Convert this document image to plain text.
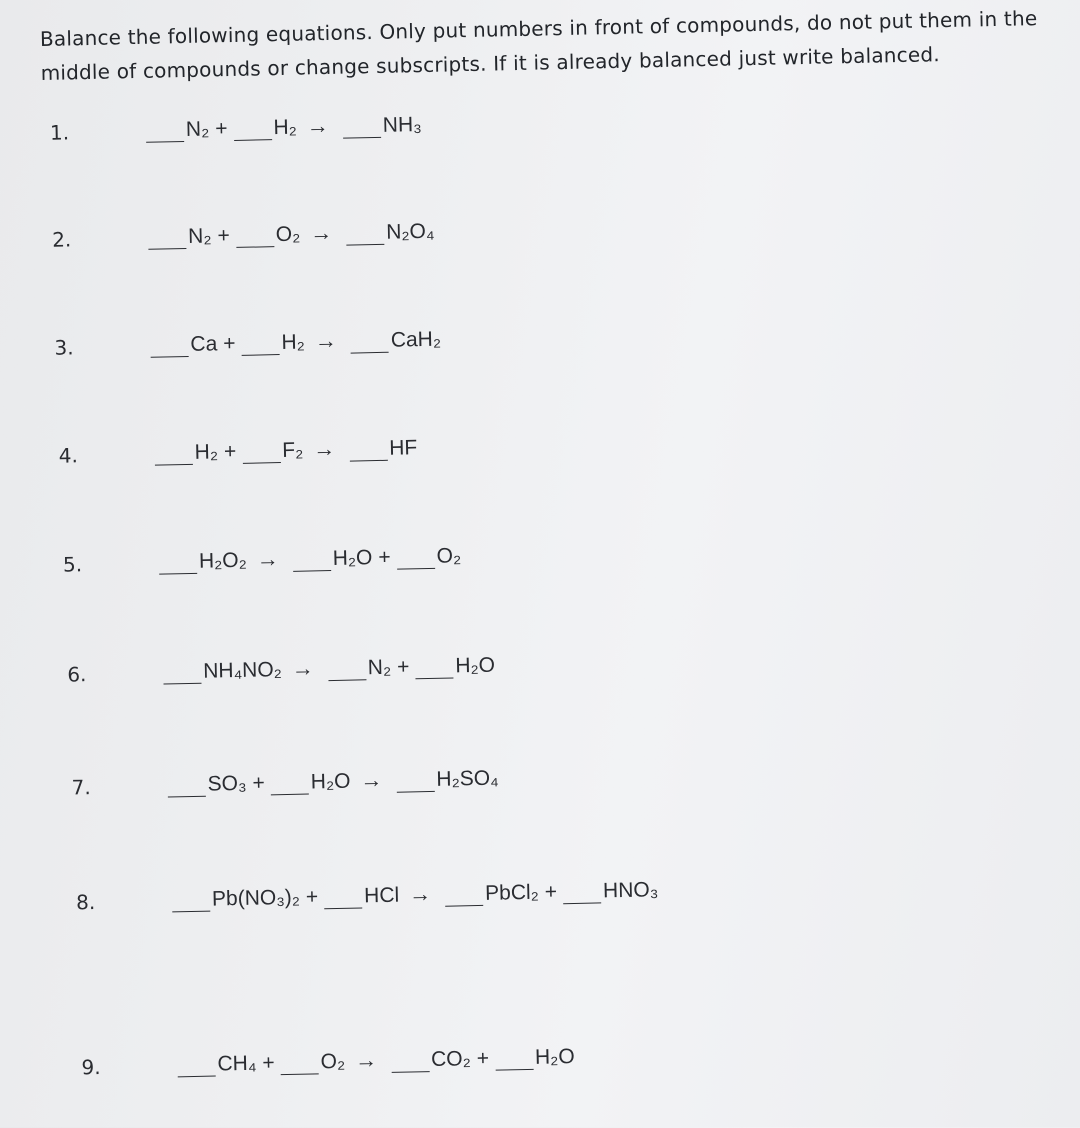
Balance the following equations. Only put numbers in front of compounds, do not put them in the
middle of compounds or change subscripts. If it is already balanced just write balanced.
1.	N₂ + H₂ →	NH₃
2.	N₂ + O₂ →	N₂O₄
3.	Ca + H₂ →	CaH₂
4.	H₂ + F₂ →	HF
5.	H₂O₂ →	H₂O + O₂
6.	NH₄NO₂ →	N₂ + H₂O
7.	SO₃ + H₂O →	H₂SO₄
8.	Pb(NO₃)₂ + HCl →	PbCl₂ + HNO₃
9.	CH₄ + O₂ →	CO₂ + H₂O
